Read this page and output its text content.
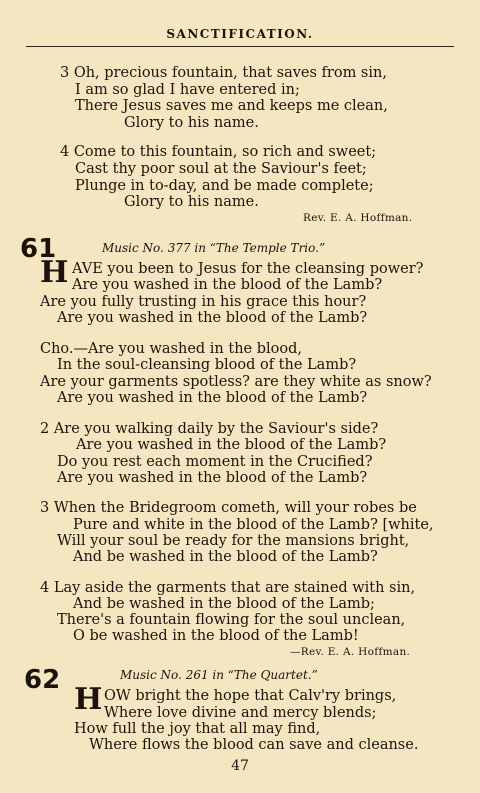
SANCTIFICATION.
3 Oh, precious fountain, that saves from sin,
I am so glad I have entered in;
There Jesus saves me and keeps me clean,
Glory to his name.
4 Come to this fountain, so rich and sweet;
Cast thy poor soul at the Saviour's feet;
Plunge in to-day, and be made complete;
Glory to his name.
Rev. E. A. Hoffman.
61	Music No. 377 in “The Temple Trio.”
H AVE you been to Jesus for the cleansing power?
Are you washed in the blood of the Lamb?
Are you fully trusting in his grace this hour?
Are you washed in the blood of the Lamb?
Cho.—Are you washed in the blood,
In the soul-cleansing blood of the Lamb?
Are your garments spotless? are they white as snow?
Are you washed in the blood of the Lamb?
2 Are you walking daily by the Saviour's side?
Are you washed in the blood of the Lamb?
Do you rest each moment in the Crucified?
Are you washed in the blood of the Lamb?
3 When the Bridegroom cometh, will your robes be
Pure and white in the blood of the Lamb? [white,
Will your soul be ready for the mansions bright,
And be washed in the blood of the Lamb?
4 Lay aside the garments that are stained with sin,
And be washed in the blood of the Lamb;
There's a fountain flowing for the soul unclean,
O be washed in the blood of the Lamb!
—Rev. E. A. Hoffman.
62	Music No. 261 in “The Quartet.”
H OW bright the hope that Calv'ry brings,
Where love divine and mercy blends;
How full the joy that all may find,
Where flows the blood can save and cleanse.
47
